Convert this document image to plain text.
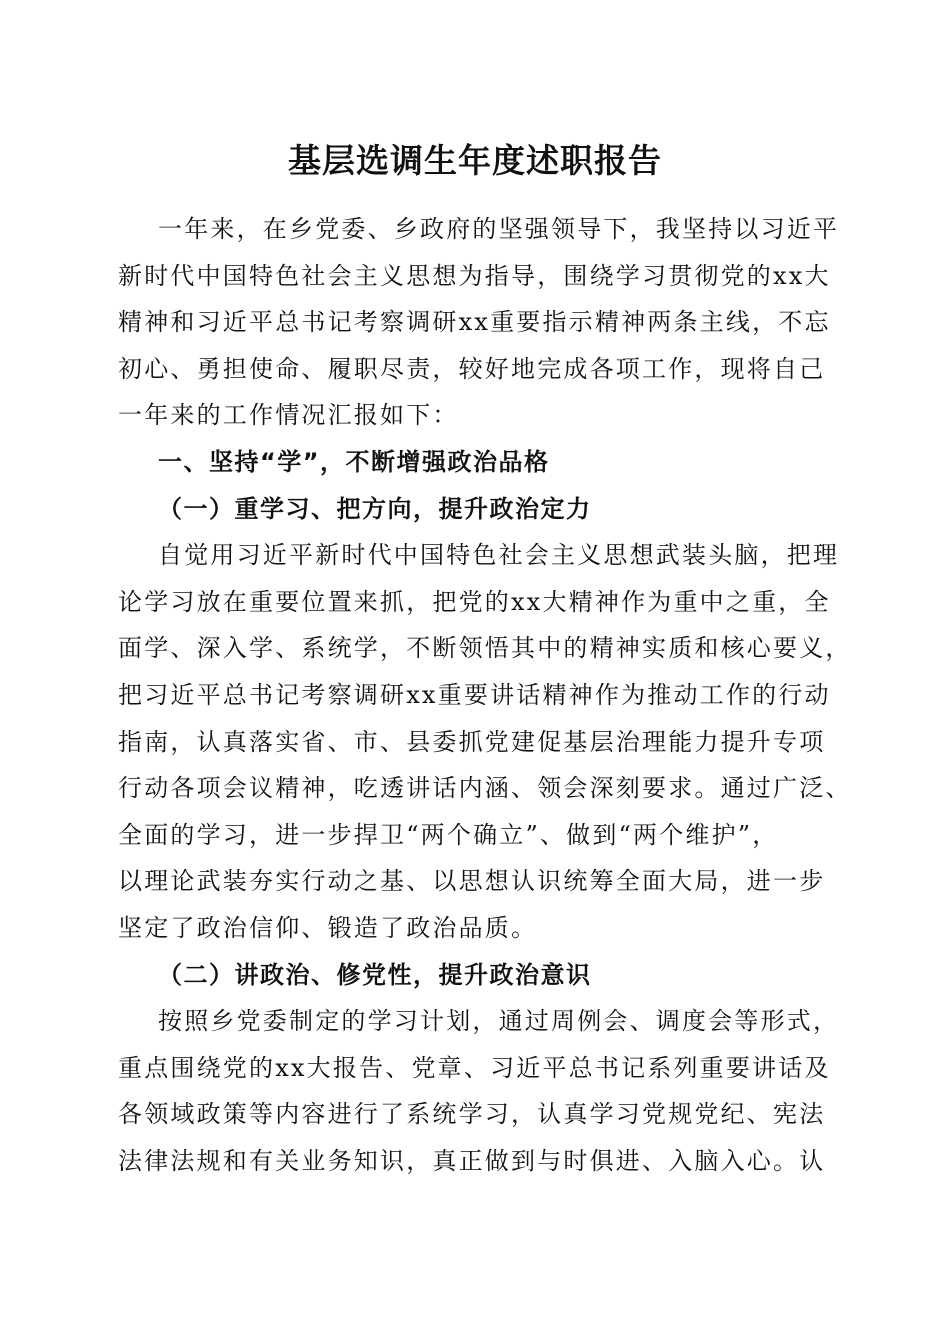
基层选调生年度述职报告
一年来，在乡党委、乡政府的坚强领导下，我坚持以习近平
新时代中国特色社会主义思想为指导，围绕学习贯彻党的xx大
精神和习近平总书记考察调研xx重要指示精神两条主线，不忘
初心、勇担使命、履职尽责，较好地完成各项工作，现将自己
一年来的工作情况汇报如下：
一、坚持“学”，不断增强政治品格
（一）重学习、把方向，提升政治定力
自觉用习近平新时代中国特色社会主义思想武装头脑，把理
论学习放在重要位置来抓，把党的xx大精神作为重中之重，全
面学、深入学、系统学，不断领悟其中的精神实质和核心要义，
把习近平总书记考察调研xx重要讲话精神作为推动工作的行动
指南，认真落实省、市、县委抓党建促基层治理能力提升专项
行动各项会议精神，吃透讲话内涵、领会深刻要求。通过广泛、
全面的学习，进一步捍卫“两个确立”、做到“两个维护”，
以理论武装夯实行动之基、以思想认识统筹全面大局，进一步
坚定了政治信仰、锻造了政治品质。
（二）讲政治、修党性，提升政治意识
按照乡党委制定的学习计划，通过周例会、调度会等形式，
重点围绕党的xx大报告、党章、习近平总书记系列重要讲话及
各领域政策等内容进行了系统学习，认真学习党规党纪、宪法
法律法规和有关业务知识，真正做到与时俱进、入脑入心。认
